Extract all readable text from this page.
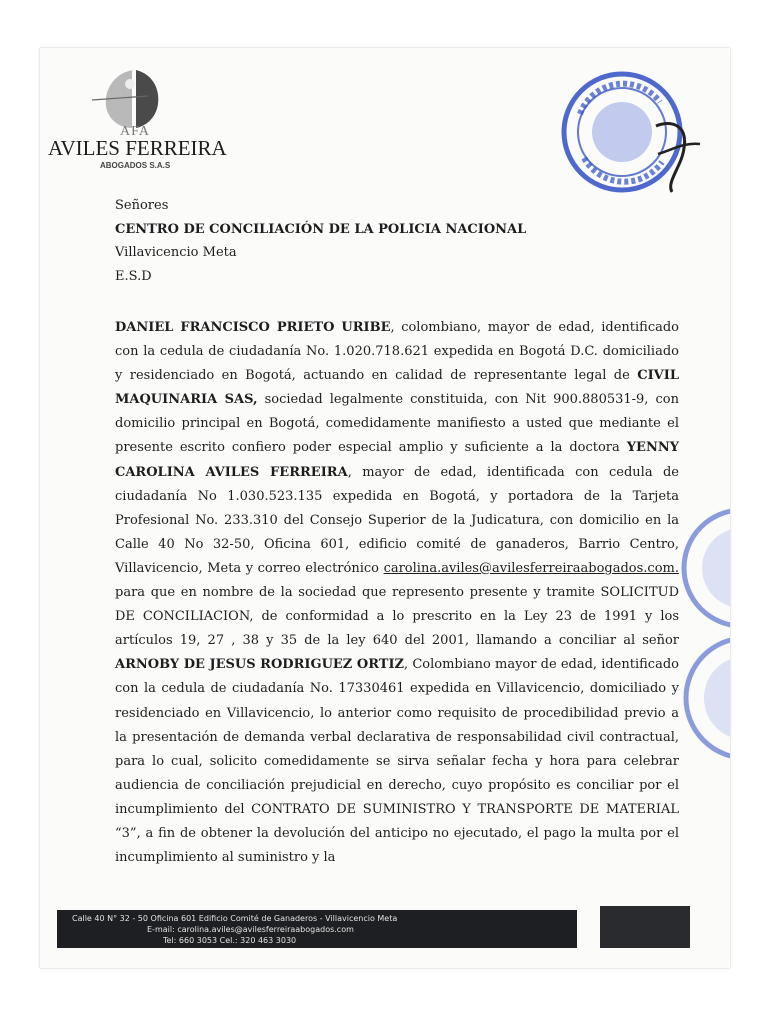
AFA
AVILES FERREIRA
ABOGADOS S.A.S
Señores
CENTRO DE CONCILIACIÓN DE LA POLICIA NACIONAL
Villavicencio Meta
E.S.D
DANIEL FRANCISCO PRIETO URIBE, colombiano, mayor de edad, identificado con la cedula de ciudadanía No. 1.020.718.621 expedida en Bogotá D.C. domiciliado y residenciado en Bogotá, actuando en calidad de representante legal de CIVIL MAQUINARIA SAS, sociedad legalmente constituida, con Nit 900.880531-9, con domicilio principal en Bogotá, comedidamente manifiesto a usted que mediante el presente escrito confiero poder especial amplio y suficiente a la doctora YENNY CAROLINA AVILES FERREIRA, mayor de edad, identificada con cedula de ciudadanía No 1.030.523.135 expedida en Bogotá, y portadora de la Tarjeta Profesional No. 233.310 del Consejo Superior de la Judicatura, con domicilio en la Calle 40 No 32-50, Oficina 601, edificio comité de ganaderos, Barrio Centro, Villavicencio, Meta y correo electrónico carolina.aviles@avilesferreiraabogados.com. para que en nombre de la sociedad que represento presente y tramite SOLICITUD DE CONCILIACION, de conformidad a lo prescrito en la Ley 23 de 1991 y los artículos 19, 27 , 38 y 35 de la ley 640 del 2001, llamando a conciliar al señor ARNOBY DE JESUS RODRIGUEZ ORTIZ, Colombiano mayor de edad, identificado con la cedula de ciudadanía No. 17330461 expedida en Villavicencio, domiciliado y residenciado en Villavicencio, lo anterior como requisito de procedibilidad previo a la presentación de demanda verbal declarativa de responsabilidad civil contractual, para lo cual, solicito comedidamente se sirva señalar fecha y hora para celebrar audiencia de conciliación prejudicial en derecho, cuyo propósito es conciliar por el incumplimiento del CONTRATO DE SUMINISTRO Y TRANSPORTE DE MATERIAL “3”, a fin de obtener la devolución del anticipo no ejecutado, el pago la multa por el incumplimiento al suministro y la
Calle 40 N° 32 - 50 Oficina 601 Edificio Comité de Ganaderos - Villavicencio Meta
E-mail: carolina.aviles@avilesferreiraabogados.com
Tel: 660 3053 Cel.: 320 463 3030
